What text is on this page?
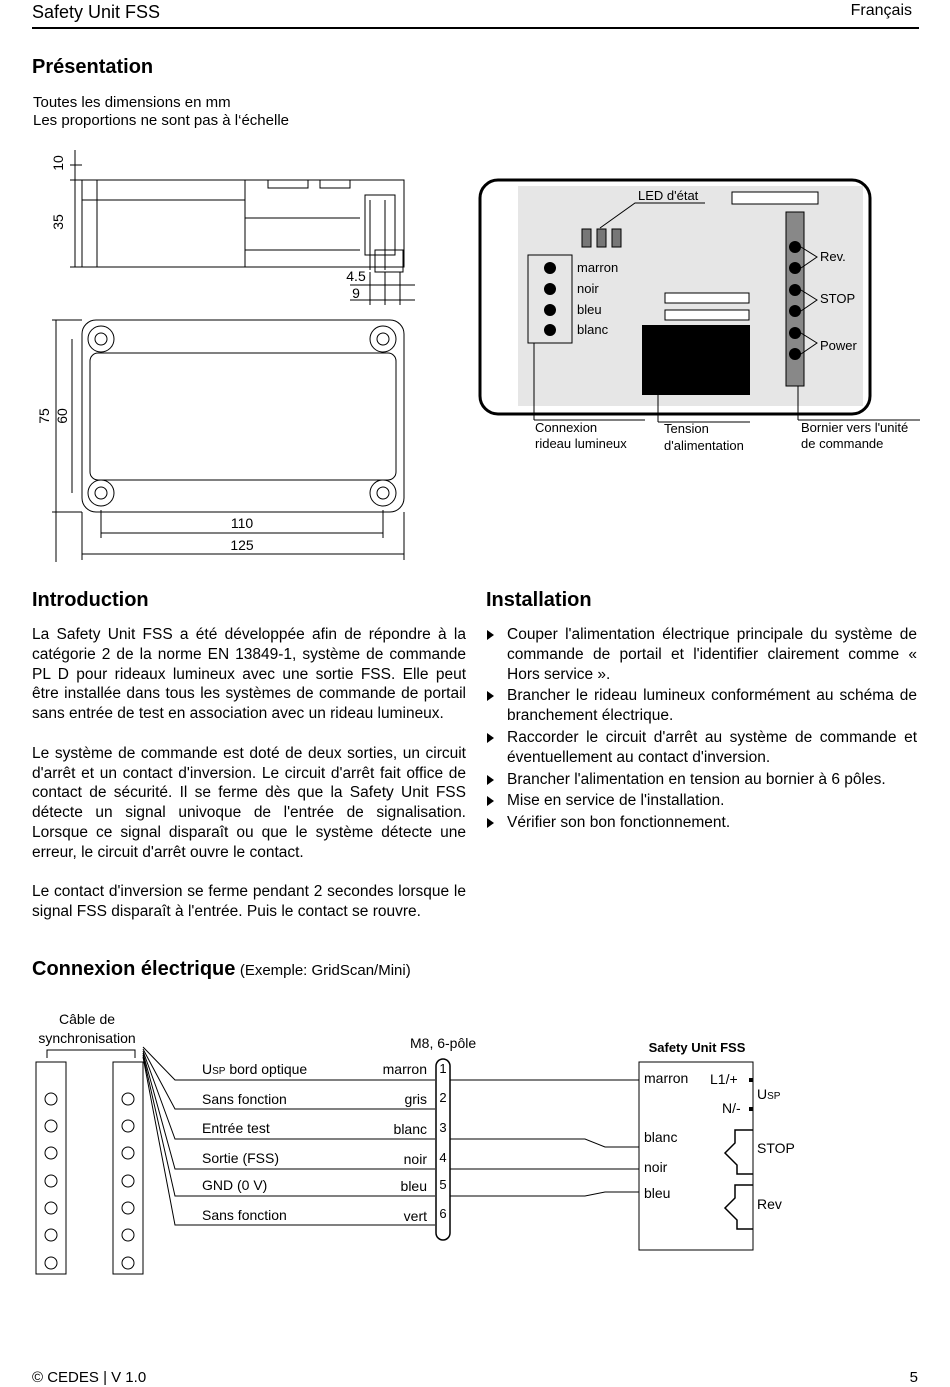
Safety Unit FSS	Français
Présentation
Toutes les dimensions en mm
Les proportions ne sont pas à l‘échelle
10
35
4.5
9
75 60
110
125
LED d'état
marron
noir
bleu
blanc
Rev.
STOP
Power
Connexion
rideau lumineux
Tension
d'alimentation
Bornier vers l'unité
de commande
Introduction

La Safety Unit FSS a été développée afin de répondre à la catégorie 2 de la norme EN 13849-1, système de commande PL D pour rideaux lumineux avec une sortie FSS. Elle peut être installée dans tous les systèmes de commande de portail sans entrée de test en association avec un rideau lumineux.

Le système de commande est doté de deux sorties, un circuit d'arrêt et un contact d'inversion. Le circuit d'arrêt fait office de contact de sécurité. Il se ferme dès que la Safety Unit FSS détecte un signal univoque de l'entrée de signalisation. Lorsque ce signal disparaît ou que le système détecte une erreur, le circuit d'arrêt ouvre le contact.

Le contact d'inversion se ferme pendant 2 secondes lorsque le signal FSS disparaît à l'entrée. Puis le contact se rouvre.

Installation
Couper l'alimentation électrique principale du système de commande de portail et l'identifier clairement comme « Hors service ».
Brancher le rideau lumineux conformément au schéma de branchement électrique.
Raccorder le circuit d'arrêt au système de commande et éventuellement au contact d'inversion.
Brancher l'alimentation en tension au bornier à 6 pôles.
Mise en service de l'installation.
Vérifier son bon fonctionnement.
Connexion électrique (Exemple: GridScan/Mini)
Câble de
synchronisation
USP bord optique
Sans fonction
Entrée test
Sortie (FSS)
GND (0 V)
Sans fonction
marron
gris
blanc
noir
bleu
vert
M8, 6-pôle
1
2
3
4
5
6
Safety Unit FSS
marron
blanc
noir
bleu
L1/+
N/-
USP
STOP
Rev
© CEDES | V 1.0	5
